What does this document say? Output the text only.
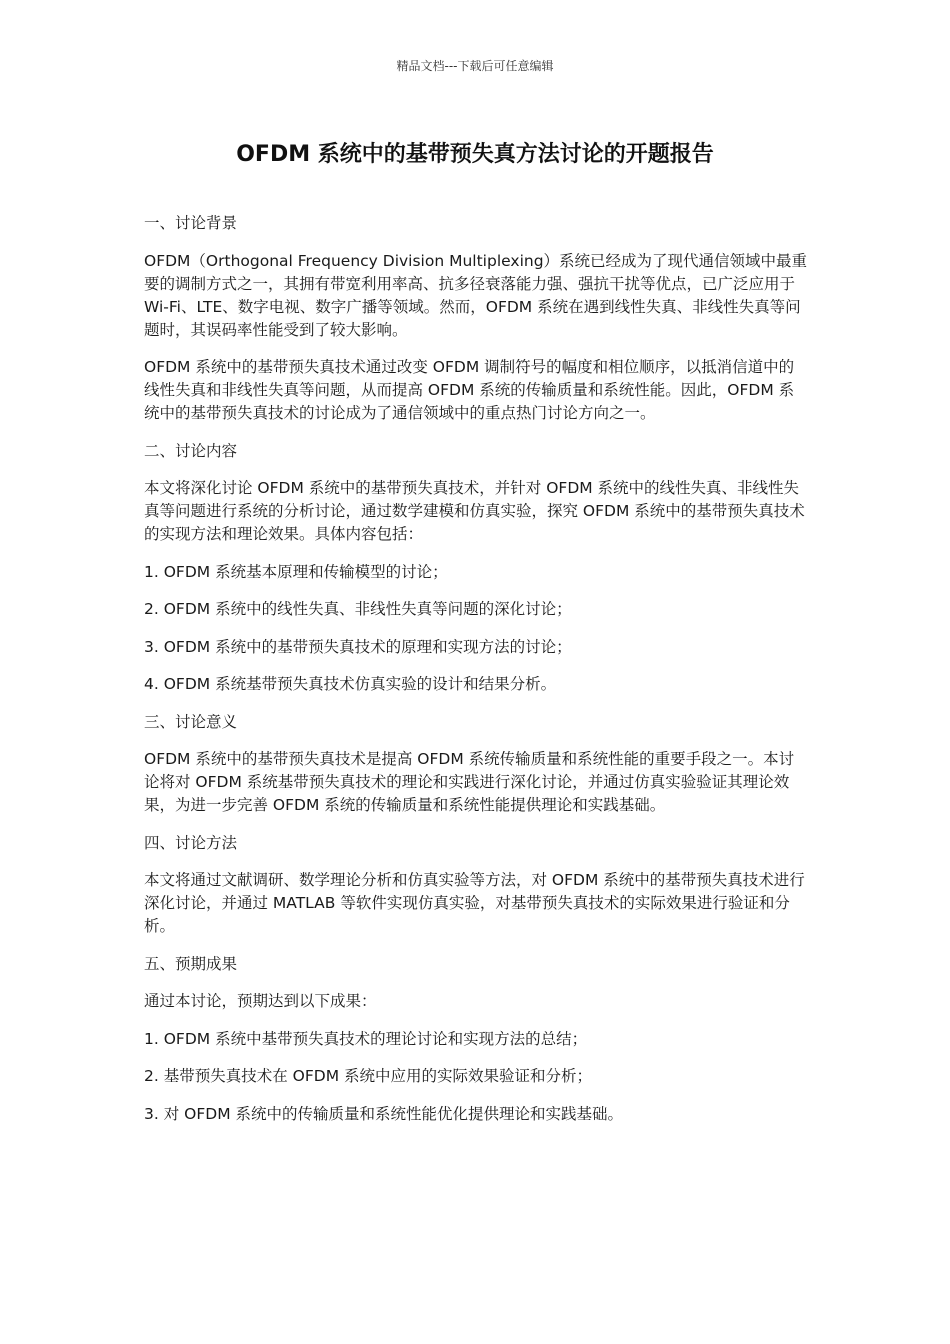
精品文档---下载后可任意编辑
OFDM 系统中的基带预失真方法讨论的开题报告

一、讨论背景

OFDM（Orthogonal Frequency Division Multiplexing）系统已经成为了现代通信领域中最重要的调制方式之一，其拥有带宽利用率高、抗多径衰落能力强、强抗干扰等优点，已广泛应用于 Wi-Fi、LTE、数字电视、数字广播等领域。然而，OFDM 系统在遇到线性失真、非线性失真等问题时，其误码率性能受到了较大影响。

OFDM 系统中的基带预失真技术通过改变 OFDM 调制符号的幅度和相位顺序，以抵消信道中的线性失真和非线性失真等问题，从而提高 OFDM 系统的传输质量和系统性能。因此，OFDM 系统中的基带预失真技术的讨论成为了通信领域中的重点热门讨论方向之一。

二、讨论内容

本文将深化讨论 OFDM 系统中的基带预失真技术，并针对 OFDM 系统中的线性失真、非线性失真等问题进行系统的分析讨论，通过数学建模和仿真实验，探究 OFDM 系统中的基带预失真技术的实现方法和理论效果。具体内容包括：

1. OFDM 系统基本原理和传输模型的讨论；

2. OFDM 系统中的线性失真、非线性失真等问题的深化讨论；

3. OFDM 系统中的基带预失真技术的原理和实现方法的讨论；

4. OFDM 系统基带预失真技术仿真实验的设计和结果分析。

三、讨论意义

OFDM 系统中的基带预失真技术是提高 OFDM 系统传输质量和系统性能的重要手段之一。本讨论将对 OFDM 系统基带预失真技术的理论和实践进行深化讨论，并通过仿真实验验证其理论效果，为进一步完善 OFDM 系统的传输质量和系统性能提供理论和实践基础。

四、讨论方法

本文将通过文献调研、数学理论分析和仿真实验等方法，对 OFDM 系统中的基带预失真技术进行深化讨论，并通过 MATLAB 等软件实现仿真实验，对基带预失真技术的实际效果进行验证和分析。

五、预期成果

通过本讨论，预期达到以下成果：

1. OFDM 系统中基带预失真技术的理论讨论和实现方法的总结；

2. 基带预失真技术在 OFDM 系统中应用的实际效果验证和分析；

3. 对 OFDM 系统中的传输质量和系统性能优化提供理论和实践基础。
